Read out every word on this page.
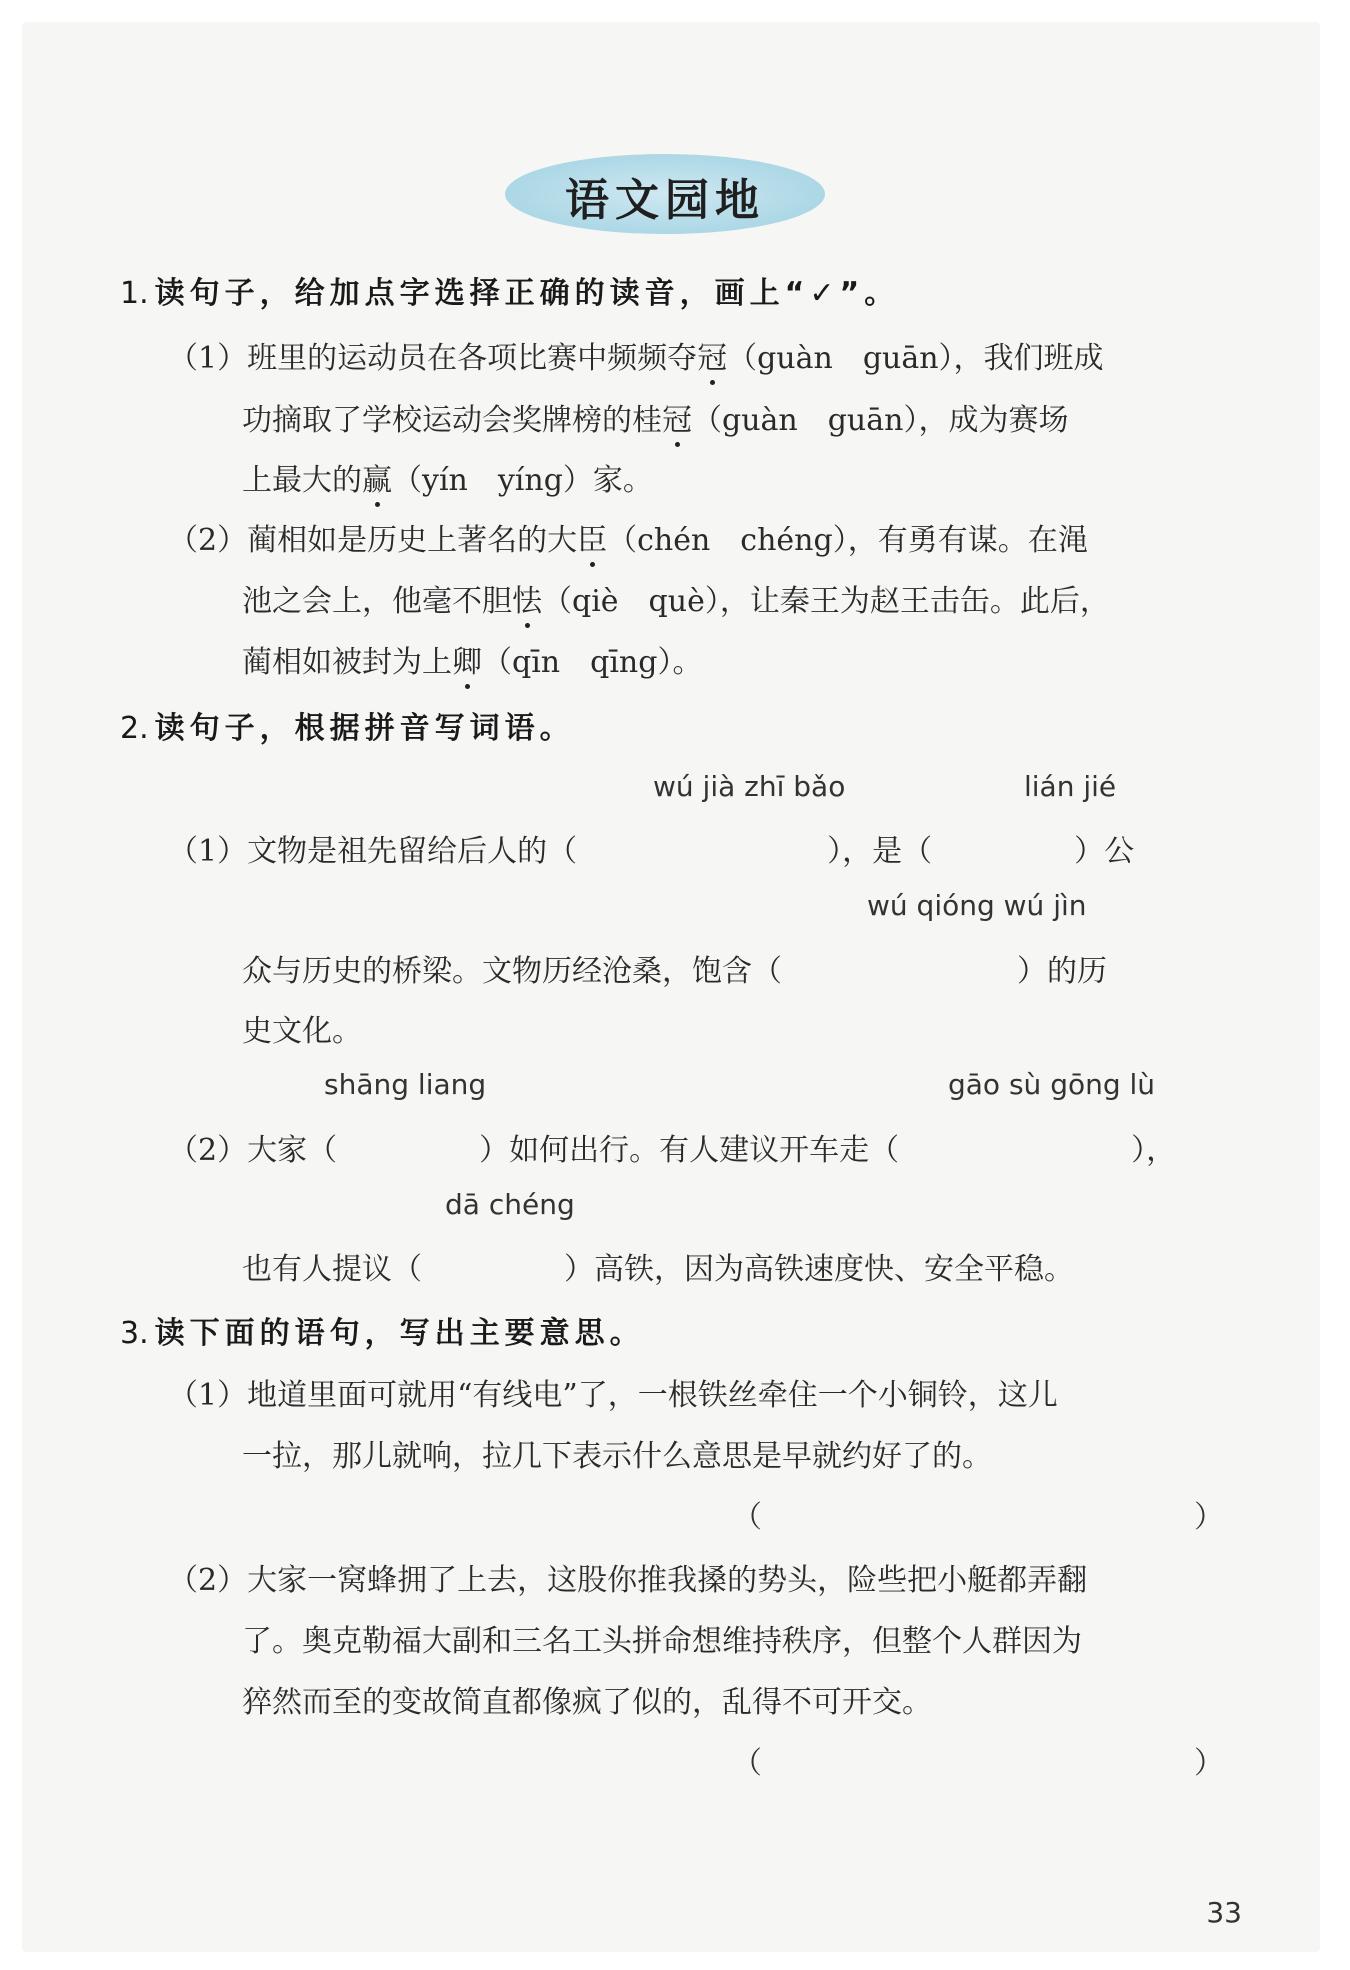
语文园地
1. 读句子，给加点字选择正确的读音，画上“✓”。
（1）班里的运动员在各项比赛中频频夺冠（guàn　guān），我们班成
功摘取了学校运动会奖牌榜的桂冠（guàn　guān），成为赛场
上最大的赢（yín　yíng）家。
（2）蔺相如是历史上著名的大臣（chén　chéng），有勇有谋。在渑
池之会上，他毫不胆怯（qiè　què），让秦王为赵王击缶。此后，
蔺相如被封为上卿（qīn　qīng）。
2. 读句子，根据拼音写词语。
wú jià zhī bǎo	lián jié
（1）文物是祖先留给后人的（	），是（	）公
wú qióng wú jìn
众与历史的桥梁。文物历经沧桑，饱含（	）的历
史文化。
shāng liang	gāo sù gōng lù
（2）大家（	）如何出行。有人建议开车走（	），
dā chéng
也有人提议（	）高铁，因为高铁速度快、安全平稳。
3. 读下面的语句，写出主要意思。
（1）地道里面可就用“有线电”了，一根铁丝牵住一个小铜铃，这儿
一拉，那儿就响，拉几下表示什么意思是早就约好了的。
（	）
（2）大家一窝蜂拥了上去，这股你推我搡的势头，险些把小艇都弄翻
了。奥克勒福大副和三名工头拼命想维持秩序，但整个人群因为
猝然而至的变故简直都像疯了似的，乱得不可开交。
（	）
33
